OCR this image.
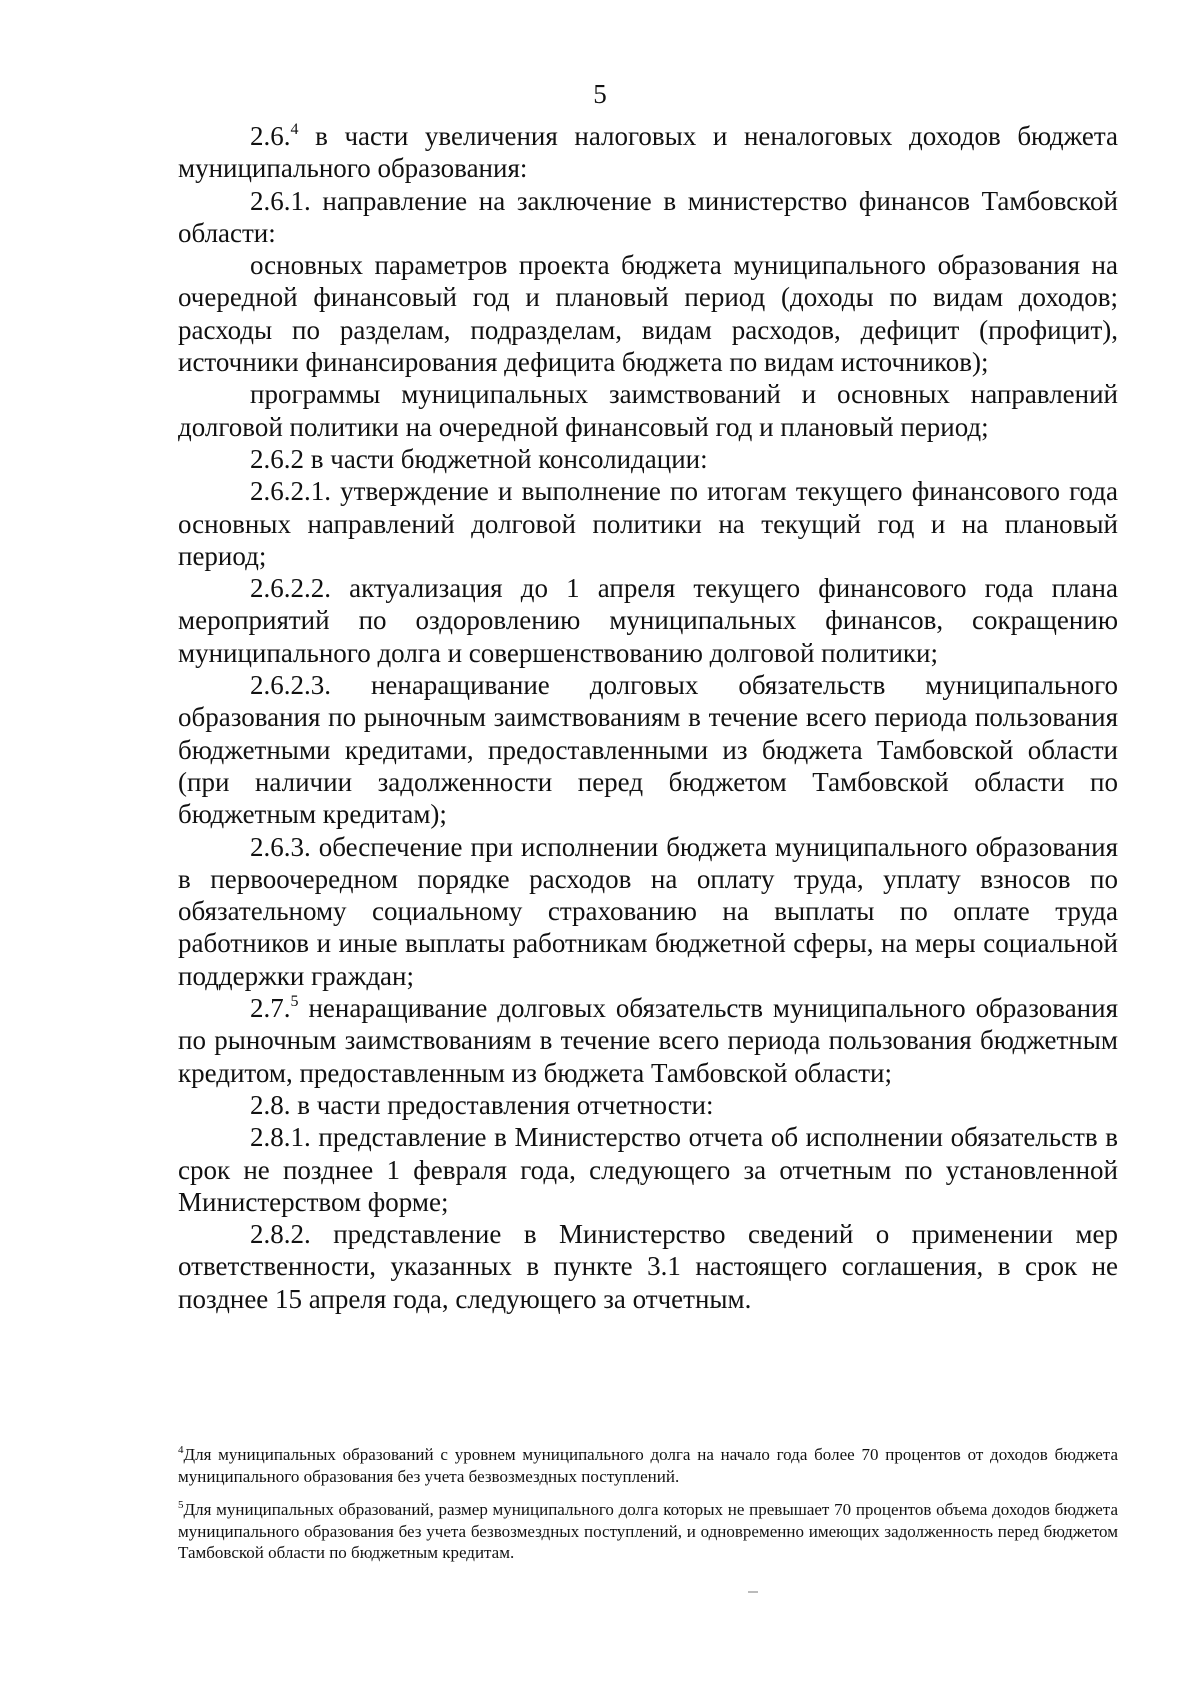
5

2.6.$^4$ в части увеличения налоговых и неналоговых доходов бюджета муниципального образования:

2.6.1. направление на заключение в министерство финансов Тамбовской области:

основных параметров проекта бюджета муниципального образования на очередной финансовый год и плановый период (доходы по видам доходов; расходы по разделам, подразделам, видам расходов, дефицит (профицит), источники финансирования дефицита бюджета по видам источников);

программы муниципальных заимствований и основных направлений долговой политики на очередной финансовый год и плановый период;

2.6.2 в части бюджетной консолидации:

2.6.2.1. утверждение и выполнение по итогам текущего финансового года основных направлений долговой политики на текущий год и на плановый период;

2.6.2.2. актуализация до 1 апреля текущего финансового года плана мероприятий по оздоровлению муниципальных финансов, сокращению муниципального долга и совершенствованию долговой политики;

2.6.2.3. ненаращивание долговых обязательств муниципального образования по рыночным заимствованиям в течение всего периода пользования бюджетными кредитами, предоставленными из бюджета Тамбовской области (при наличии задолженности перед бюджетом Тамбовской области по бюджетным кредитам);

2.6.3. обеспечение при исполнении бюджета муниципального образования в первоочередном порядке расходов на оплату труда, уплату взносов по обязательному социальному страхованию на выплаты по оплате труда работников и иные выплаты работникам бюджетной сферы, на меры социальной поддержки граждан;

2.7.$^5$ ненаращивание долговых обязательств муниципального образования по рыночным заимствованиям в течение всего периода пользования бюджетным кредитом, предоставленным из бюджета Тамбовской области;

2.8. в части предоставления отчетности:

2.8.1. представление в Министерство отчета об исполнении обязательств в срок не позднее 1 февраля года, следующего за отчетным по установленной Министерством форме;

2.8.2. представление в Министерство сведений о применении мер ответственности, указанных в пункте 3.1 настоящего соглашения, в срок не позднее 15 апреля года, следующего за отчетным.

$^4$Для муниципальных образований с уровнем муниципального долга на начало года более 70 процентов от доходов бюджета муниципального образования без учета безвозмездных поступлений.

$^5$Для муниципальных образований, размер муниципального долга которых не превышает 70 процентов объема доходов бюджета муниципального образования без учета безвозмездных поступлений, и одновременно имеющих задолженность перед бюджетом Тамбовской области по бюджетным кредитам.
